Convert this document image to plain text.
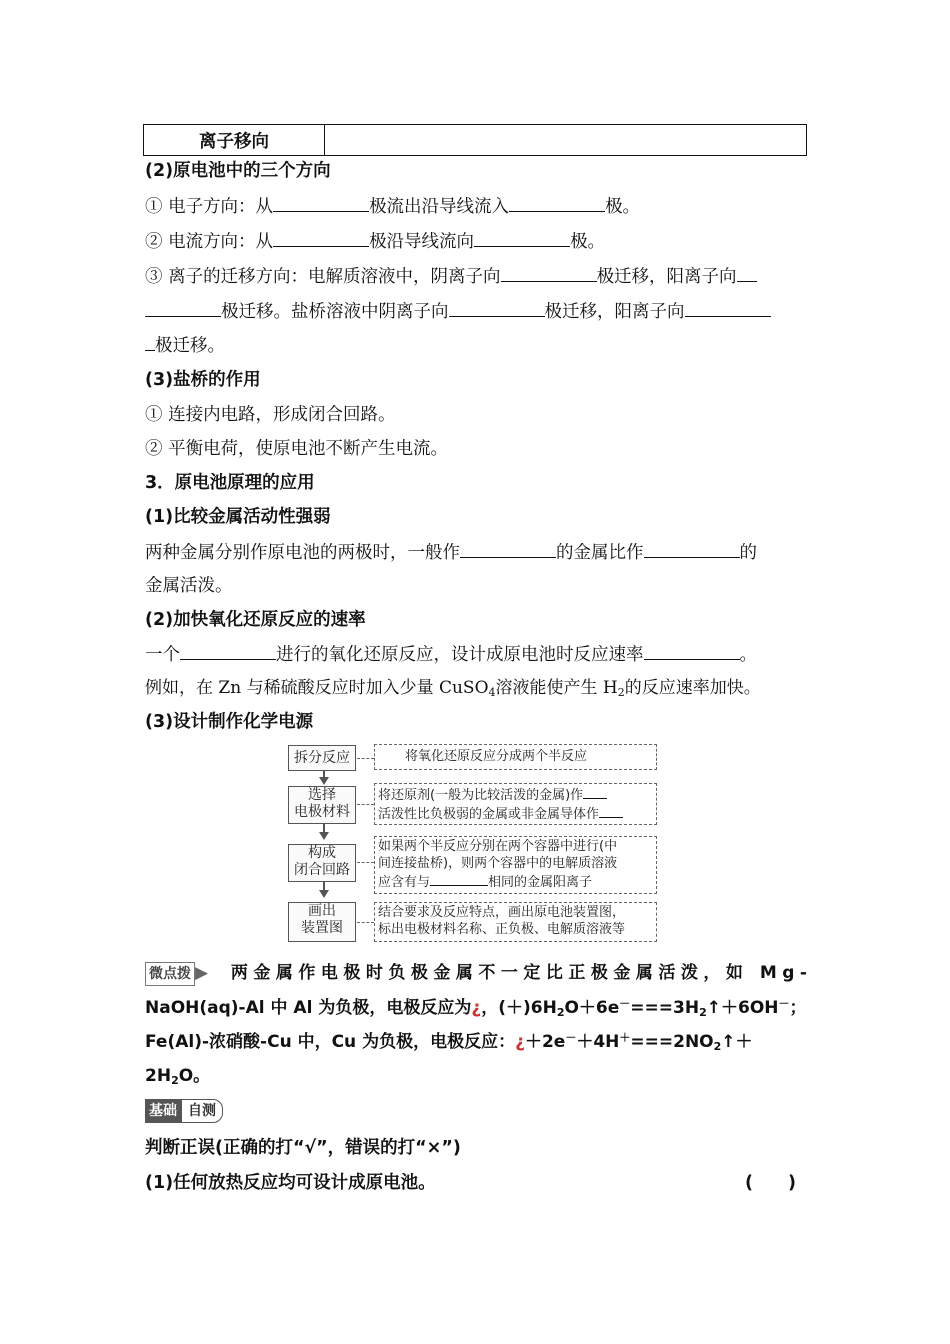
离子移向	
(2)原电池中的三个方向
① 电子方向：从	极流出沿导线流入	极。
② 电流方向：从	极沿导线流向	极。
③ 离子的迁移方向：电解质溶液中，阴离子向	极迁移，阳离子向
极迁移。盐桥溶液中阴离子向	极迁移，阳离子向
极迁移。
(3)盐桥的作用
① 连接内电路，形成闭合回路。
② 平衡电荷，使原电池不断产生电流。
3．原电池原理的应用
(1)比较金属活动性强弱
两种金属分别作原电池的两极时，一般作	的金属比作	的
金属活泼。
(2)加快氧化还原反应的速率
一个	进行的氧化还原反应，设计成原电池时反应速率	。
例如，在 Zn 与稀硫酸反应时加入少量 CuSO$_4$溶液能使产生 $H_2$的反应速率加快。
(3)设计制作化学电源
拆分反应	将氧化还原反应分成两个半反应
选择
电极材料
将还原剂(一般为比较活泼的金属)作
活泼性比负极弱的金属或非金属导体作
构成
闭合回路
如果两个半反应分别在两个容器中进行(中
间连接盐桥)，则两个容器中的电解质溶液
应含有与	相同的金属阳离子
画出
装置图
结合要求及反应特点，画出原电池装置图，
标出电极材料名称、正负极、电解质溶液等
微点拨 ▶ 两金属作电极时负极金属不一定比正极金属活泼，如 Mg-
NaOH(aq)-Al 中 Al 为负极，电极反应为¿，$(+)6H_2O+6e^-===3H_2↑+6OH^-$；
Fe(Al)-浓硝酸-Cu 中，Cu 为负极，电极反应：¿$+2e^-+4H^+===2NO_2↑+$
$2H_2O$。
基础 自测
判断正误(正确的打“√”，错误的打“×”)
(1)任何放热反应均可设计成原电池。	(　　)
